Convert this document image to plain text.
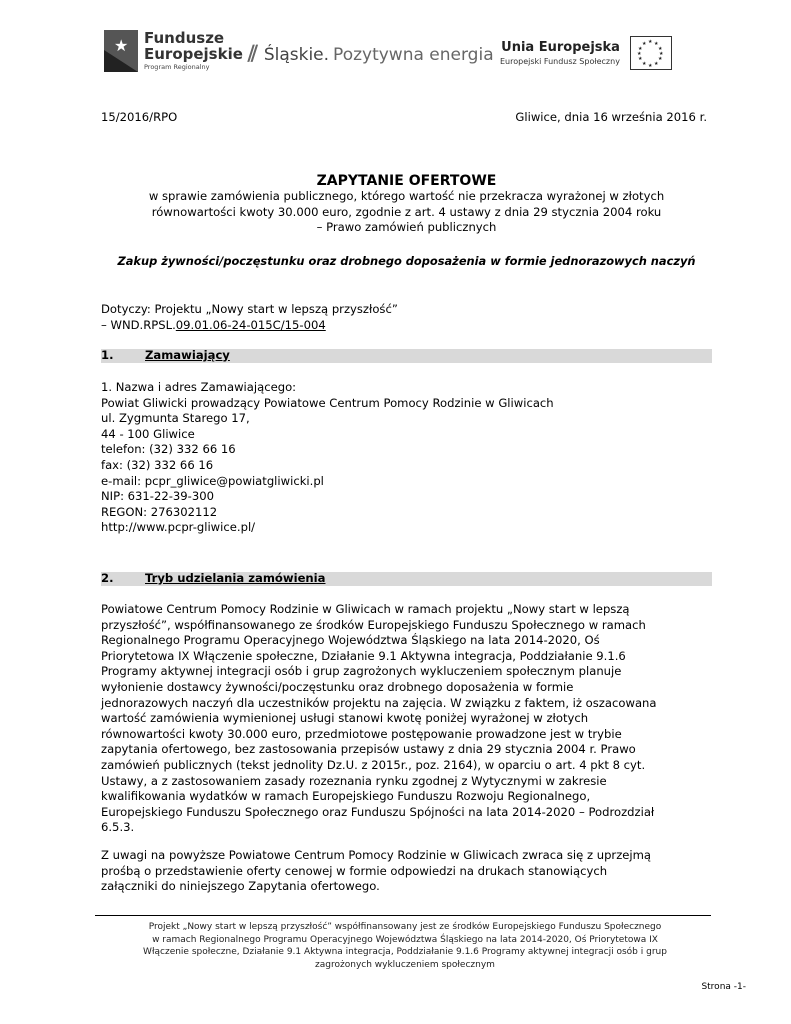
★ Fundusze
Europejskie
Program Regionalny	⫽ Śląskie. Pozytywna energia Unia Europejska
Europejski Fundusz Społeczny
★ ★
★
★
★
★
★
★
★
★
★
★
15/2016/RPO	Gliwice, dnia 16 września 2016 r.
ZAPYTANIE OFERTOWE
w sprawie zamówienia publicznego, którego wartość nie przekracza wyrażonej w złotych
równowartości kwoty 30.000 euro, zgodnie z art. 4 ustawy z dnia 29 stycznia 2004 roku
– Prawo zamówień publicznych
Zakup żywności/poczęstunku oraz drobnego doposażenia w formie jednorazowych naczyń
Dotyczy: Projektu „Nowy start w lepszą przyszłość”
– WND.RPSL.09.01.06-24-015C/15-004
1.	Zamawiający
1. Nazwa i adres Zamawiającego:
Powiat Gliwicki prowadzący Powiatowe Centrum Pomocy Rodzinie w Gliwicach
ul. Zygmunta Starego 17,
44 - 100 Gliwice
telefon: (32) 332 66 16
fax: (32) 332 66 16
e-mail: pcpr_gliwice@powiatgliwicki.pl
NIP: 631-22-39-300
REGON: 276302112
http://www.pcpr-gliwice.pl/
2.	Tryb udzielania zamówienia
Powiatowe Centrum Pomocy Rodzinie w Gliwicach w ramach projektu „Nowy start w lepszą
przyszłość”, współfinansowanego ze środków Europejskiego Funduszu Społecznego w ramach
Regionalnego Programu Operacyjnego Województwa Śląskiego na lata 2014-2020, Oś
Priorytetowa IX Włączenie społeczne, Działanie 9.1 Aktywna integracja, Poddziałanie 9.1.6
Programy aktywnej integracji osób i grup zagrożonych wykluczeniem społecznym planuje
wyłonienie dostawcy żywności/poczęstunku oraz drobnego doposażenia w formie
jednorazowych naczyń dla uczestników projektu na zajęcia. W związku z faktem, iż oszacowana
wartość zamówienia wymienionej usługi stanowi kwotę poniżej wyrażonej w złotych
równowartości kwoty 30.000 euro, przedmiotowe postępowanie prowadzone jest w trybie
zapytania ofertowego, bez zastosowania przepisów ustawy z dnia 29 stycznia 2004 r. Prawo
zamówień publicznych (tekst jednolity Dz.U. z 2015r., poz. 2164), w oparciu o art. 4 pkt 8 cyt.
Ustawy, a z zastosowaniem zasady rozeznania rynku zgodnej z Wytycznymi w zakresie
kwalifikowania wydatków w ramach Europejskiego Funduszu Rozwoju Regionalnego,
Europejskiego Funduszu Społecznego oraz Funduszu Spójności na lata 2014-2020 – Podrozdział
6.5.3.
Z uwagi na powyższe Powiatowe Centrum Pomocy Rodzinie w Gliwicach zwraca się z uprzejmą
prośbą o przedstawienie oferty cenowej w formie odpowiedzi na drukach stanowiących
załączniki do niniejszego Zapytania ofertowego.
Projekt „Nowy start w lepszą przyszłość” współfinansowany jest ze środków Europejskiego Funduszu Społecznego
w ramach Regionalnego Programu Operacyjnego Województwa Śląskiego na lata 2014-2020, Oś Priorytetowa IX
Włączenie społeczne, Działanie 9.1 Aktywna integracja, Poddziałanie 9.1.6 Programy aktywnej integracji osób i grup
zagrożonych wykluczeniem społecznym
Strona -1-
